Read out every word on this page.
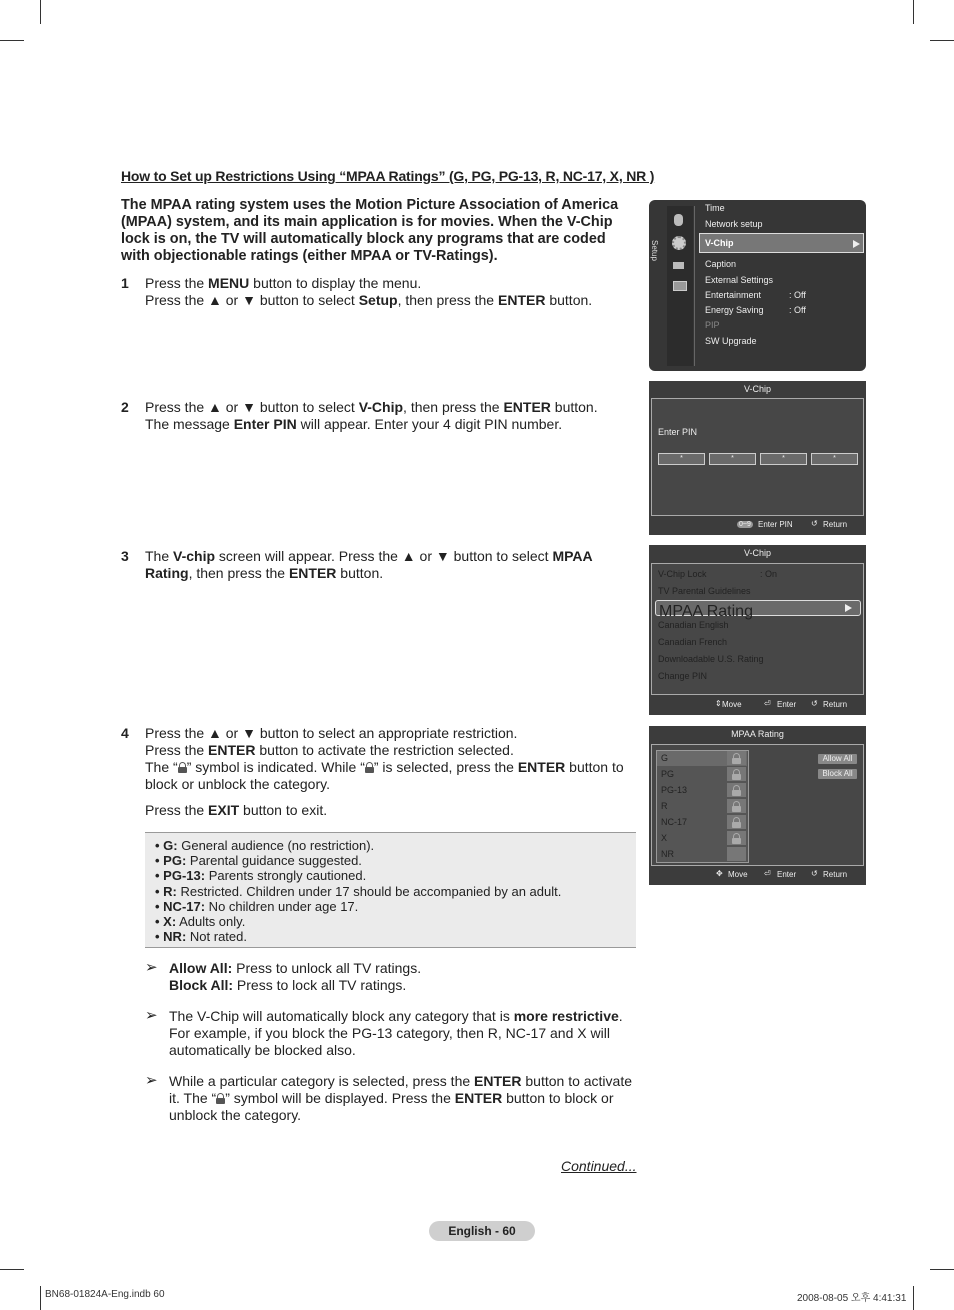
How to Set up Restrictions Using “MPAA Ratings” (G, PG, PG-13, R, NC-17, X, NR )
The MPAA rating system uses the Motion Picture Association of America (MPAA) system, and its main application is for movies. When the V-Chip lock is on, the TV will automatically block any programs that are coded with objectionable ratings (either MPAA or TV-Ratings).
1 Press the MENU button to display the menu.

Press the ▲ or ▼ button to select Setup, then press the ENTER button.

2 Press the ▲ or ▼ button to select V-Chip, then press the ENTER button.

The message Enter PIN will appear. Enter your 4 digit PIN number.

3 The V-chip screen will appear. Press the ▲ or ▼ button to select MPAA Rating, then press the ENTER button.

4 Press the ▲ or ▼ button to select an appropriate restriction.

Press the ENTER button to activate the restriction selected.

The “ ” symbol is indicated. While “ ” is selected, press the ENTER button to block or unblock the category.

Press the EXIT button to exit.

• G: General audience (no restriction).
• PG: Parental guidance suggested.
• PG-13: Parents strongly cautioned.
• R: Restricted. Children under 17 should be accompanied by an adult.
• NC-17: No children under age 17.
• X: Adults only.
• NR: Not rated.
➢ Allow All: Press to unlock all TV ratings.
Block All: Press to lock all TV ratings.
➢ The V-Chip will automatically block any category that is more restrictive. For example, if you block the PG-13 category, then R, NC-17 and X will automatically be blocked also.
➢ While a particular category is selected, press the ENTER button to activate it. The “ ” symbol will be displayed. Press the ENTER button to block or unblock the category.
Continued...
English - 60
BN68-01824A-Eng.indb 60	2008-08-05 오후 4:41:31
Setup
Time
Network setup
V-Chip
Caption
External Settings
Entertainment	: Off
Energy Saving	: Off
PIP
SW Upgrade
V-Chip
Enter PIN
*	*	*	*
0~9 Enter PIN ↺ Return
V-Chip
V-Chip Lock	: On
TV Parental Guidelines
MPAA Rating
Canadian English
Canadian French
Downloadable U.S. Rating
Change PIN
⇕ Move	⏎ Enter ↺ Return
MPAA Rating
G
PG
PG-13
R
NC-17
X
NR
Allow All
Block All
✥ Move ⏎ Enter ↺ Return
